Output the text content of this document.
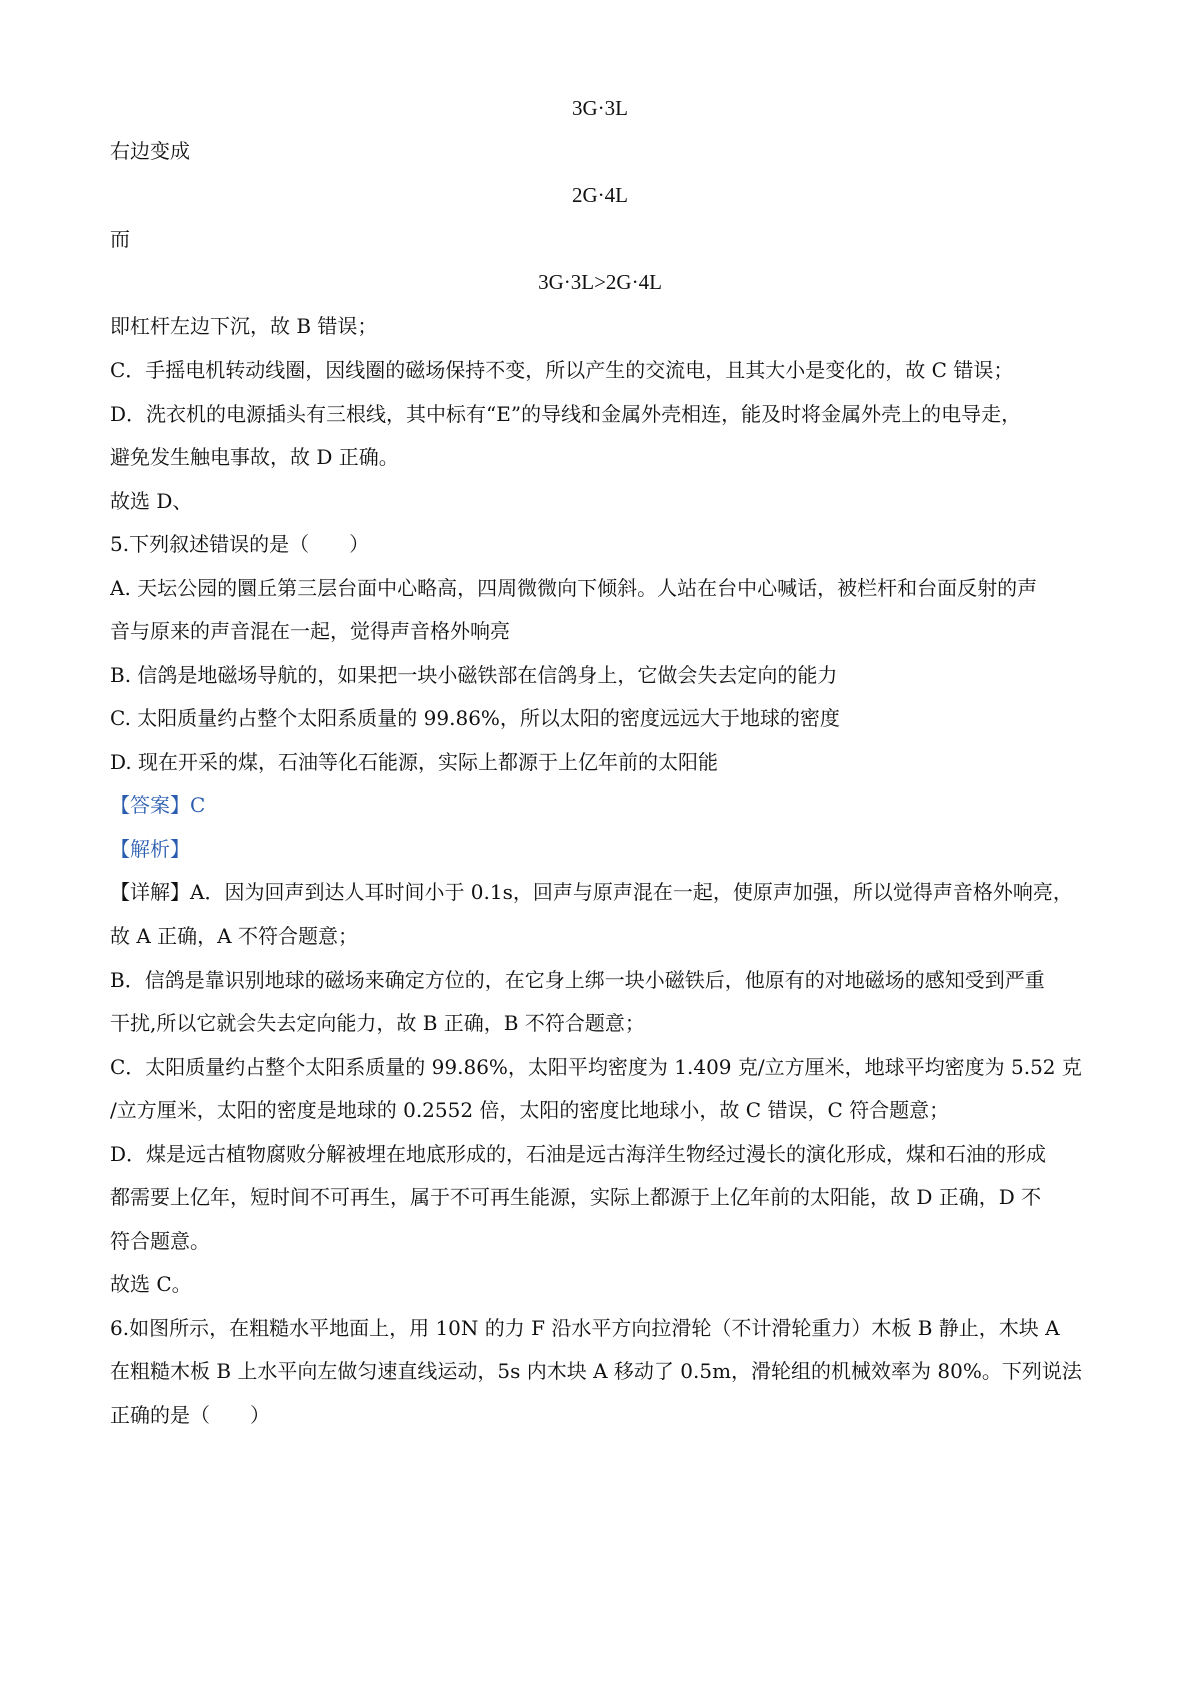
3G·3L
右边变成
2G·4L
而
3G·3L>2G·4L
即杠杆左边下沉，故 B 错误；
C．手摇电机转动线圈，因线圈的磁场保持不变，所以产生的交流电，且其大小是变化的，故 C 错误；
D．洗衣机的电源插头有三根线，其中标有“E”的导线和金属外壳相连，能及时将金属外壳上的电导走，
避免发生触电事故，故 D 正确。
故选 D、
5.下列叙述错误的是（　　）
A. 天坛公园的圜丘第三层台面中心略高，四周微微向下倾斜。人站在台中心喊话，被栏杆和台面反射的声
音与原来的声音混在一起，觉得声音格外响亮
B. 信鸽是地磁场导航的，如果把一块小磁铁部在信鸽身上，它做会失去定向的能力
C. 太阳质量约占整个太阳系质量的 99.86%，所以太阳的密度远远大于地球的密度
D. 现在开采的煤，石油等化石能源，实际上都源于上亿年前的太阳能
【答案】C
【解析】
【详解】A．因为回声到达人耳时间小于 0.1s，回声与原声混在一起，使原声加强，所以觉得声音格外响亮，
故 A 正确，A 不符合题意；
B．信鸽是靠识别地球的磁场来确定方位的，在它身上绑一块小磁铁后，他原有的对地磁场的感知受到严重
干扰,所以它就会失去定向能力，故 B 正确，B 不符合题意；
C．太阳质量约占整个太阳系质量的 99.86%，太阳平均密度为 1.409 克/立方厘米，地球平均密度为 5.52 克
/立方厘米，太阳的密度是地球的 0.2552 倍，太阳的密度比地球小，故 C 错误，C 符合题意；
D．煤是远古植物腐败分解被埋在地底形成的，石油是远古海洋生物经过漫长的演化形成，煤和石油的形成
都需要上亿年，短时间不可再生，属于不可再生能源，实际上都源于上亿年前的太阳能，故 D 正确，D 不
符合题意。
故选 C。
6.如图所示，在粗糙水平地面上，用 10N 的力 F 沿水平方向拉滑轮（不计滑轮重力）木板 B 静止，木块 A
在粗糙木板 B 上水平向左做匀速直线运动，5s 内木块 A 移动了 0.5m，滑轮组的机械效率为 80%。下列说法
正确的是（　　）
